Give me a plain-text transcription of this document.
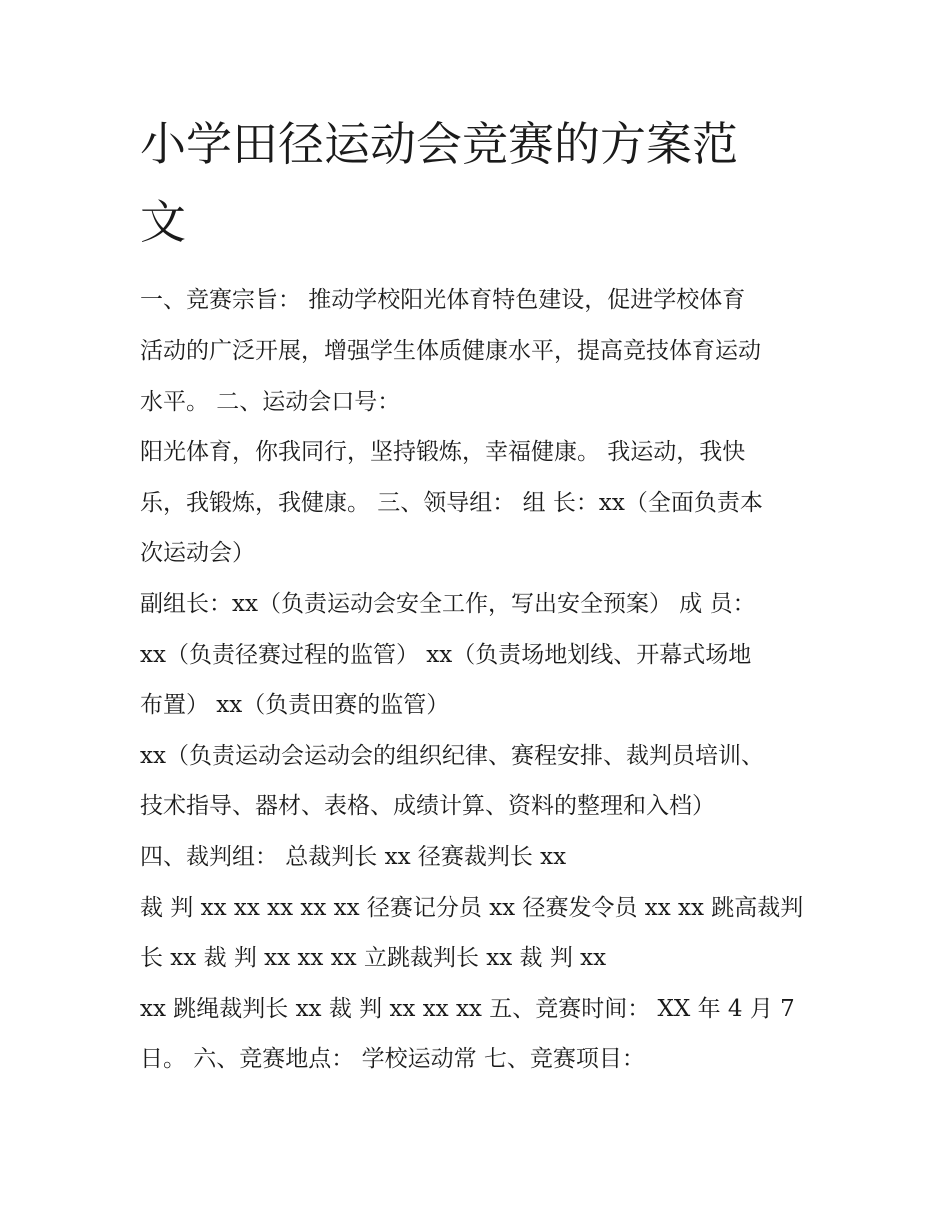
小学田径运动会竞赛的方案范
文

一、竞赛宗旨： 推动学校阳光体育特色建设，促进学校体育

活动的广泛开展，增强学生体质健康水平，提高竞技体育运动

水平。 二、运动会口号：

阳光体育，你我同行，坚持锻炼，幸福健康。 我运动，我快

乐，我锻炼，我健康。 三、领导组： 组 长：xx（全面负责本

次运动会）

副组长：xx（负责运动会安全工作，写出安全预案） 成 员：

xx（负责径赛过程的监管） xx（负责场地划线、开幕式场地

布置） xx（负责田赛的监管）

xx（负责运动会运动会的组织纪律、赛程安排、裁判员培训、

技术指导、器材、表格、成绩计算、资料的整理和入档）

四、裁判组： 总裁判长 xx 径赛裁判长 xx

裁 判 xx xx xx xx xx 径赛记分员 xx 径赛发令员 xx xx 跳高裁判

长 xx 裁 判 xx xx xx 立跳裁判长 xx 裁 判 xx

xx 跳绳裁判长 xx 裁 判 xx xx xx 五、竞赛时间： XX 年 4 月 7

日。 六、竞赛地点： 学校运动常 七、竞赛项目：
